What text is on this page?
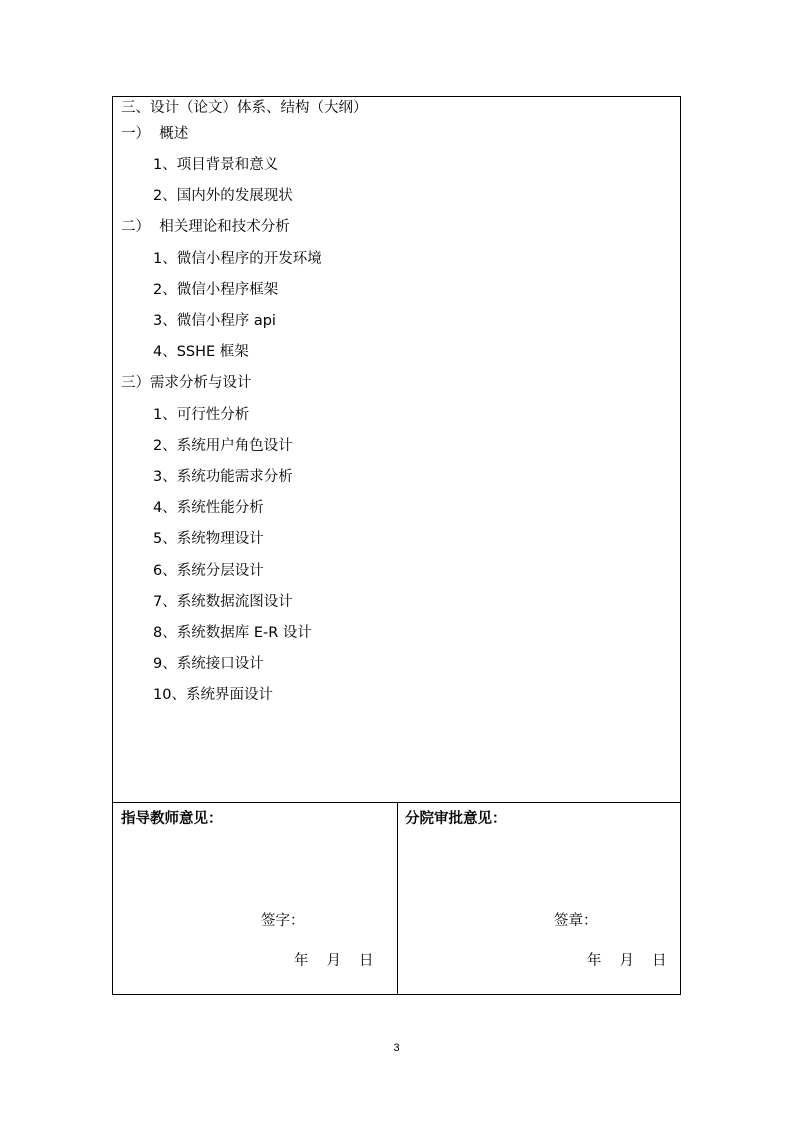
三、设计（论文）体系、结构（大纲）
一）  概述
1、项目背景和意义
2、国内外的发展现状
二）  相关理论和技术分析
1、微信小程序的开发环境
2、微信小程序框架
3、微信小程序 api
4、SSHE 框架
三）需求分析与设计
1、可行性分析
2、系统用户角色设计
3、系统功能需求分析
4、系统性能分析
5、系统物理设计
6、系统分层设计
7、系统数据流图设计
8、系统数据库 E-R 设计
9、系统接口设计
10、系统界面设计
指导教师意见：
签字：
年 月 日
分院审批意见：
签章：
年 月 日
3
